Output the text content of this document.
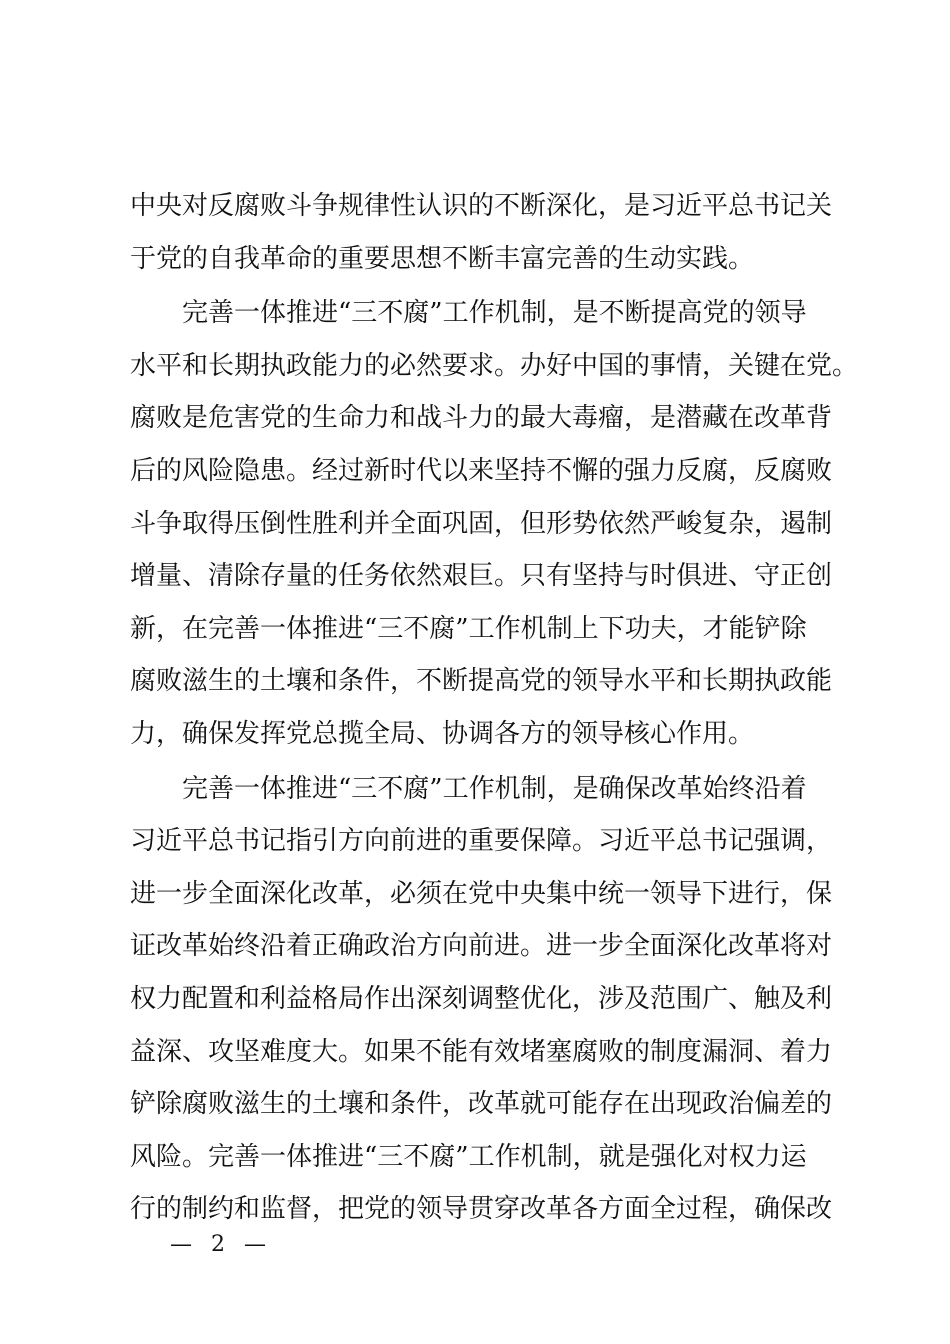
中央对反腐败斗争规律性认识的不断深化，是习近平总书记关
于党的自我革命的重要思想不断丰富完善的生动实践。
完善一体推进“三不腐”工作机制，是不断提高党的领导
水平和长期执政能力的必然要求。办好中国的事情，关键在党。
腐败是危害党的生命力和战斗力的最大毒瘤，是潜藏在改革背
后的风险隐患。经过新时代以来坚持不懈的强力反腐，反腐败
斗争取得压倒性胜利并全面巩固，但形势依然严峻复杂，遏制
增量、清除存量的任务依然艰巨。只有坚持与时俱进、守正创
新，在完善一体推进“三不腐”工作机制上下功夫，才能铲除
腐败滋生的土壤和条件，不断提高党的领导水平和长期执政能
力，确保发挥党总揽全局、协调各方的领导核心作用。
完善一体推进“三不腐”工作机制，是确保改革始终沿着
习近平总书记指引方向前进的重要保障。习近平总书记强调，
进一步全面深化改革，必须在党中央集中统一领导下进行，保
证改革始终沿着正确政治方向前进。进一步全面深化改革将对
权力配置和利益格局作出深刻调整优化，涉及范围广、触及利
益深、攻坚难度大。如果不能有效堵塞腐败的制度漏洞、着力
铲除腐败滋生的土壤和条件，改革就可能存在出现政治偏差的
风险。完善一体推进“三不腐”工作机制，就是强化对权力运
行的制约和监督，把党的领导贯穿改革各方面全过程，确保改
— 2 —
